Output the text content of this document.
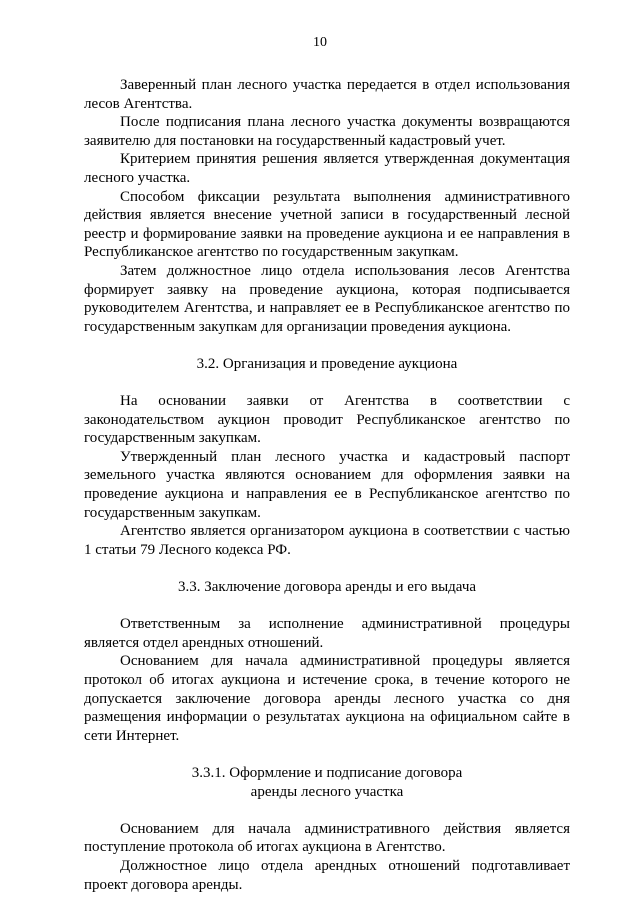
10

Заверенный план лесного участка передается в отдел использования лесов Агентства.

После подписания плана лесного участка документы возвращаются заявителю для постановки на государственный кадастровый учет.

Критерием принятия решения является утвержденная документация лесного участка.

Способом фиксации результата выполнения административного действия является внесение учетной записи в государственный лесной реестр и формирование заявки на проведение аукциона и ее направления в Республиканское агентство по государственным закупкам.

Затем должностное лицо отдела использования лесов Агентства формирует заявку на проведение аукциона, которая подписывается руководителем Агентства, и направляет ее в Республиканское агентство по государственным закупкам для организации проведения аукциона.

3.2. Организация и проведение аукциона

На основании заявки от Агентства в соответствии с законодательством аукцион проводит Республиканское агентство по государственным закупкам.

Утвержденный план лесного участка и кадастровый паспорт земельного участка являются основанием для оформления заявки на проведение аукциона и направления ее в Республиканское агентство по государственным закупкам.

Агентство является организатором аукциона в соответствии с частью 1 статьи 79 Лесного кодекса РФ.

3.3. Заключение договора аренды и его выдача

Ответственным за исполнение административной процедуры является отдел арендных отношений.

Основанием для начала административной процедуры является протокол об итогах аукциона и истечение срока, в течение которого не допускается заключение договора аренды лесного участка со дня размещения информации о результатах аукциона на официальном сайте в сети Интернет.

3.3.1. Оформление и подписание договора
аренды лесного участка

Основанием для начала административного действия является поступление протокола об итогах аукциона в Агентство.

Должностное лицо отдела арендных отношений подготавливает проект договора аренды.
